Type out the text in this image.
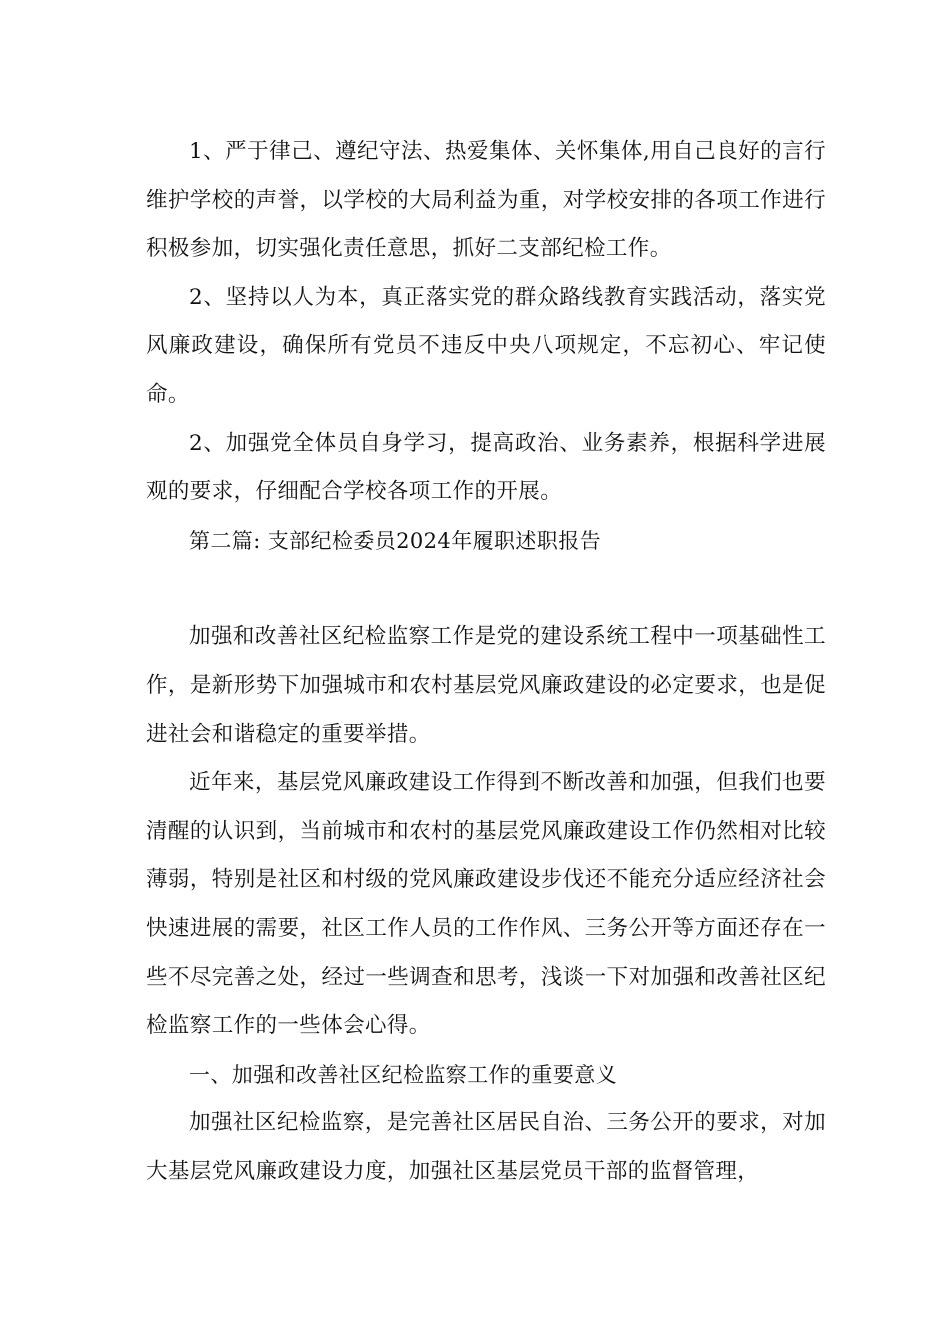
1、严于律己、遵纪守法、热爱集体、关怀集体,用自己良好的言行维护学校的声誉，以学校的大局利益为重，对学校安排的各项工作进行积极参加，切实强化责任意思，抓好二支部纪检工作。

2、坚持以人为本，真正落实党的群众路线教育实践活动，落实党风廉政建设，确保所有党员不违反中央八项规定，不忘初心、牢记使命。

2、加强党全体员自身学习，提高政治、业务素养，根据科学进展观的要求，仔细配合学校各项工作的开展。

第二篇: 支部纪检委员2024年履职述职报告

加强和改善社区纪检监察工作是党的建设系统工程中一项基础性工作，是新形势下加强城市和农村基层党风廉政建设的必定要求，也是促进社会和谐稳定的重要举措。

近年来，基层党风廉政建设工作得到不断改善和加强，但我们也要清醒的认识到，当前城市和农村的基层党风廉政建设工作仍然相对比较薄弱，特别是社区和村级的党风廉政建设步伐还不能充分适应经济社会快速进展的需要，社区工作人员的工作作风、三务公开等方面还存在一些不尽完善之处，经过一些调查和思考，浅谈一下对加强和改善社区纪检监察工作的一些体会心得。

一、加强和改善社区纪检监察工作的重要意义

加强社区纪检监察，是完善社区居民自治、三务公开的要求，对加大基层党风廉政建设力度，加强社区基层党员干部的监督管理，
